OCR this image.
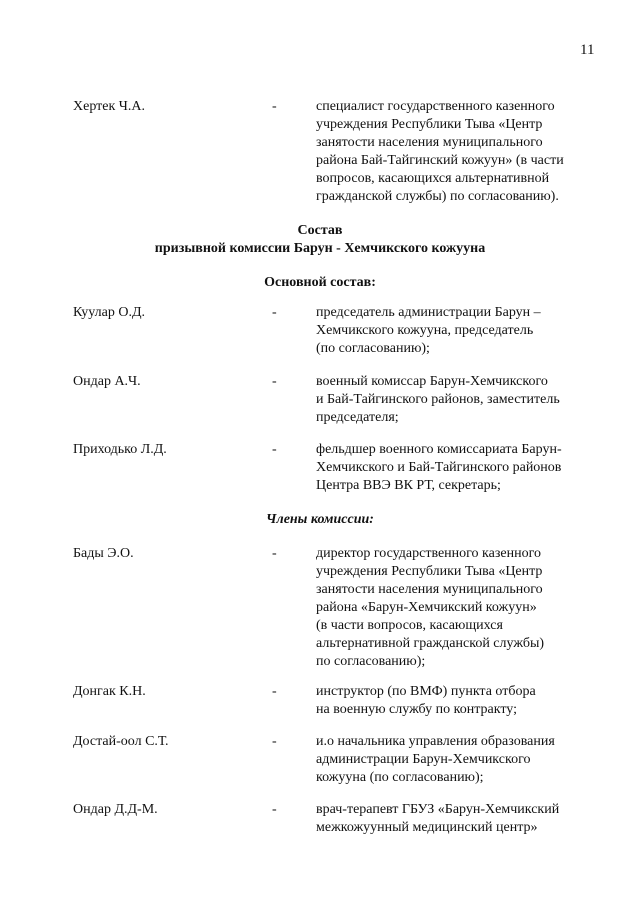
11
Хертек Ч.А.	-	специалист государственного казенного
учреждения Республики Тыва «Центр
занятости населения муниципального
района Бай-Тайгинский кожуун» (в части
вопросов, касающихся альтернативной
гражданской службы) по согласованию).
Состав
призывной комиссии Барун - Хемчикского кожууна
Основной состав:
Куулар О.Д.	-	председатель администрации Барун –
Хемчикского кожууна, председатель
(по согласованию);
Ондар А.Ч.	-	военный комиссар Барун-Хемчикского
и Бай-Тайгинского районов, заместитель
председателя;
Приходько Л.Д.	-	фельдшер военного комиссариата Барун-
Хемчикского и Бай-Тайгинского районов
Центра ВВЭ ВК РТ, секретарь;
Члены комиссии:
Бады Э.О.	-	директор государственного казенного
учреждения Республики Тыва «Центр
занятости населения муниципального
района «Барун-Хемчикский кожуун»
(в части вопросов, касающихся
альтернативной гражданской службы)
по согласованию);
Донгак К.Н.	-	инструктор (по ВМФ) пункта отбора
на военную службу по контракту;
Достай-оол С.Т.	-	и.о начальника управления образования
администрации Барун-Хемчикского
кожууна (по согласованию);
Ондар Д.Д-М.	-	врач-терапевт ГБУЗ «Барун-Хемчикский
межкожуунный медицинский центр»
